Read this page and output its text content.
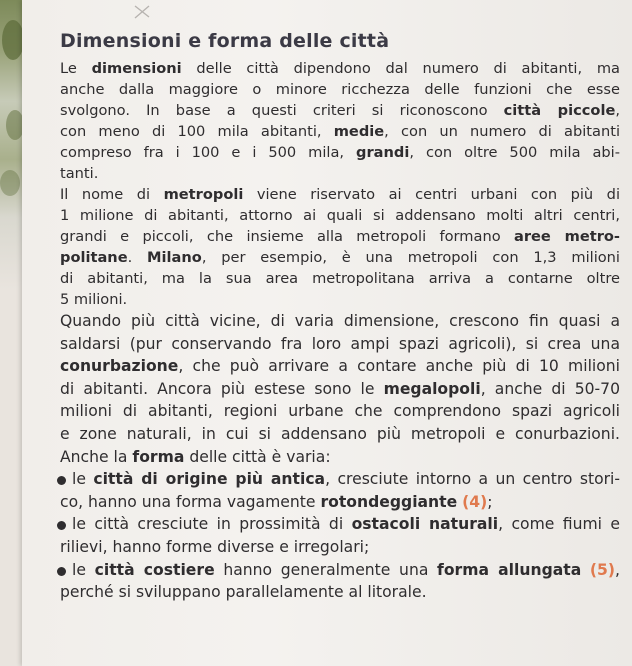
Dimensioni e forma delle città

Le dimensioni delle città dipendono dal numero di abitanti, ma
anche dalla maggiore o minore ricchezza delle funzioni che esse
svolgono. In base a questi criteri si riconoscono città piccole,
con meno di 100 mila abitanti, medie, con un numero di abitanti
compreso fra i 100 e i 500 mila, grandi, con oltre 500 mila abi-
tanti.

Il nome di metropoli viene riservato ai centri urbani con più di
1 milione di abitanti, attorno ai quali si addensano molti altri centri,
grandi e piccoli, che insieme alla metropoli formano aree metro-
politane. Milano, per esempio, è una metropoli con 1,3 milioni
di abitanti, ma la sua area metropolitana arriva a contarne oltre
5 milioni.

Quando più città vicine, di varia dimensione, crescono fin quasi a
saldarsi (pur conservando fra loro ampi spazi agricoli), si crea una
conurbazione, che può arrivare a contare anche più di 10 milioni
di abitanti. Ancora più estese sono le megalopoli, anche di 50-70
milioni di abitanti, regioni urbane che comprendono spazi agricoli
e zone naturali, in cui si addensano più metropoli e conurbazioni.

Anche la forma delle città è varia:

le città di origine più antica, cresciute intorno a un centro stori-
co, hanno una forma vagamente rotondeggiante (4);
le città cresciute in prossimità di ostacoli naturali, come fiumi e
rilievi, hanno forme diverse e irregolari;
le città costiere hanno generalmente una forma allungata (5),
perché si sviluppano parallelamente al litorale.
